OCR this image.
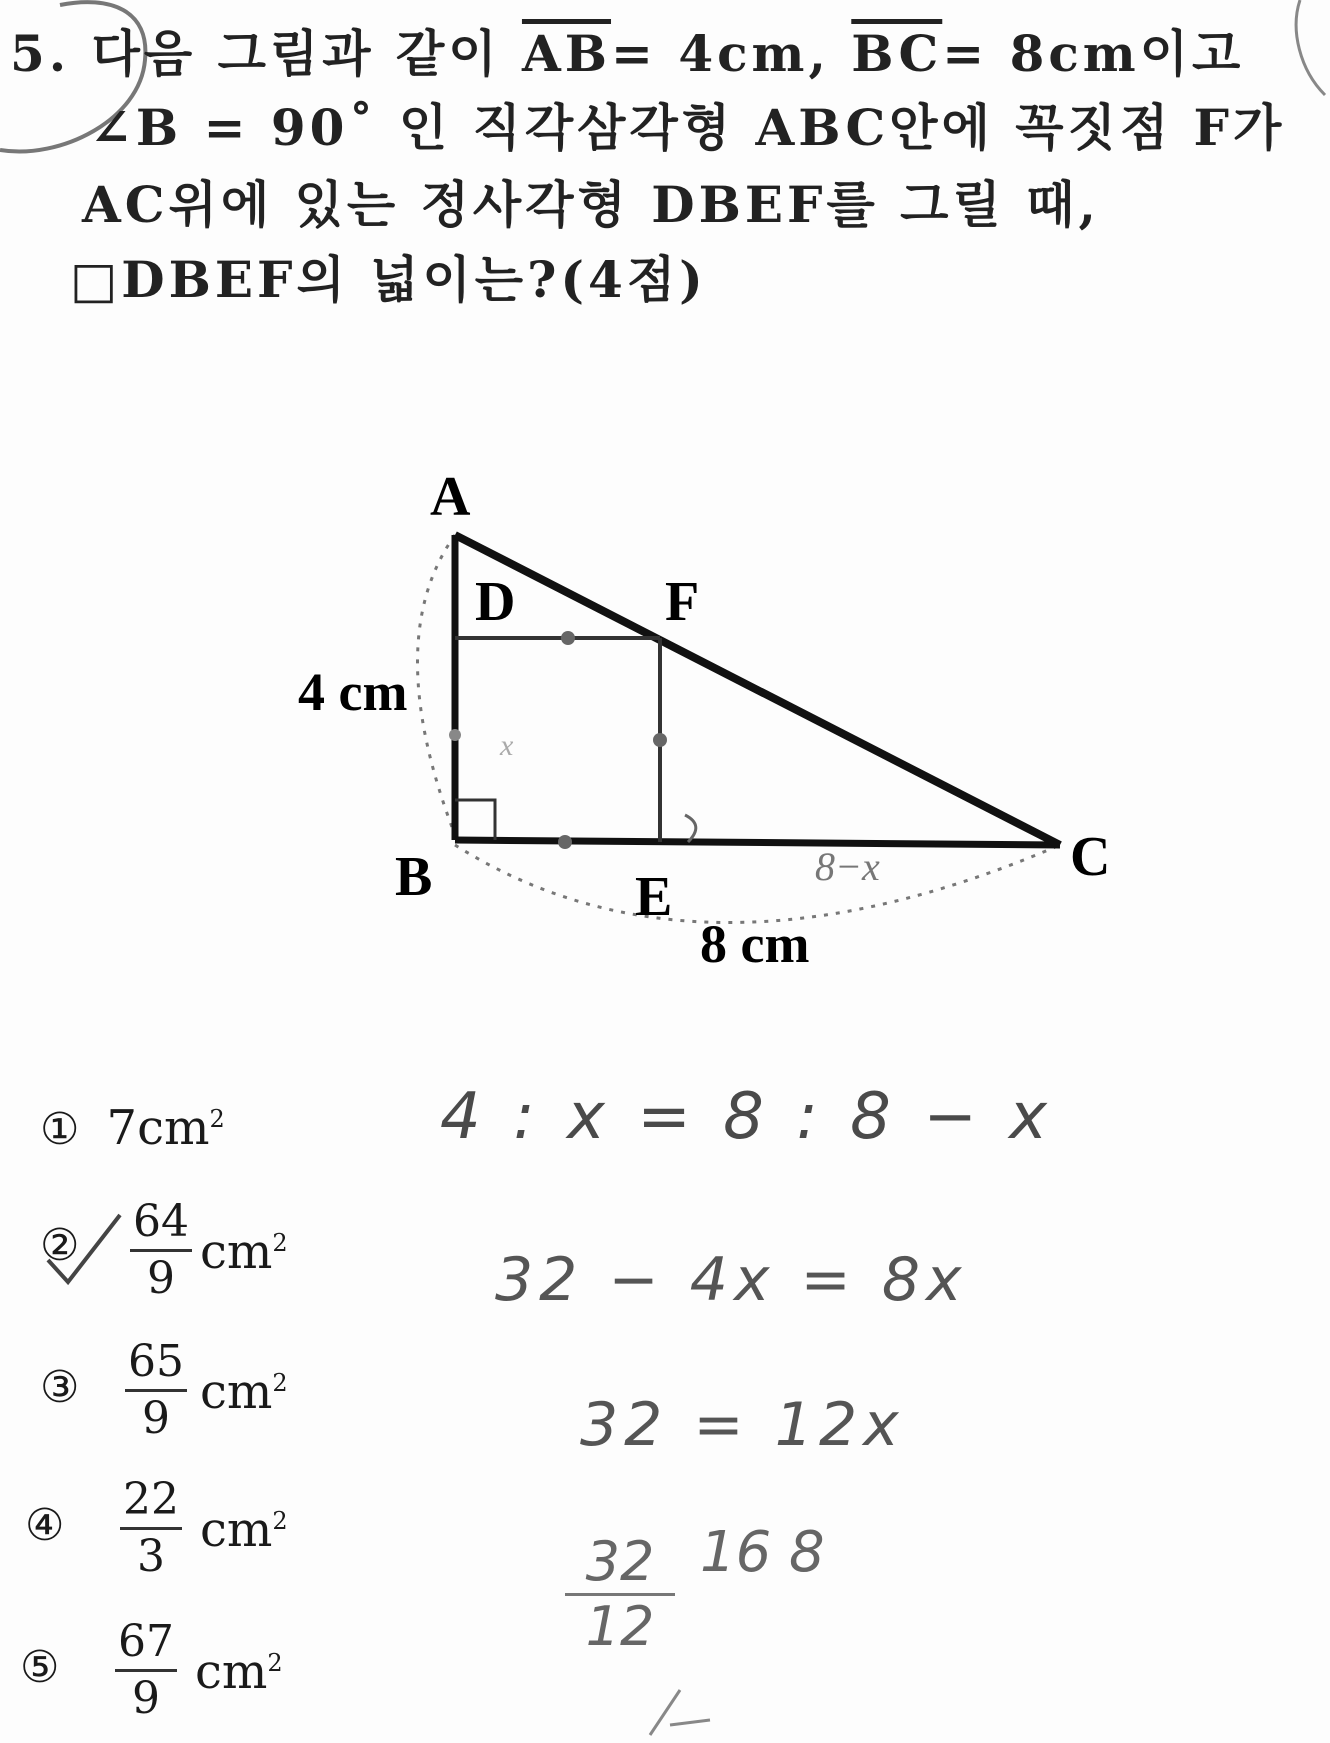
5. 다음 그림과 같이 $\overline{AB}= 4cm$, $\overline{BC}= 8cm$이고
∠B = 90˚ 인 직각삼각형 ABC안에 꼭짓점 F가
AC위에 있는 정사각형 DBEF를 그릴 때,
□DBEF의 넓이는?(4점)
A
D	F
B	E
C
4 cm
8 cm
8−x
x
① $7cm^2$
② 64
9 $cm^2$
③
65
9 $cm^2$
④
22
3 $cm^2$
⑤
67
9 $cm^2$
4 : x = 8 : 8 − x
32 − 4x = 8x
32 = 12x
32
12
16 8
